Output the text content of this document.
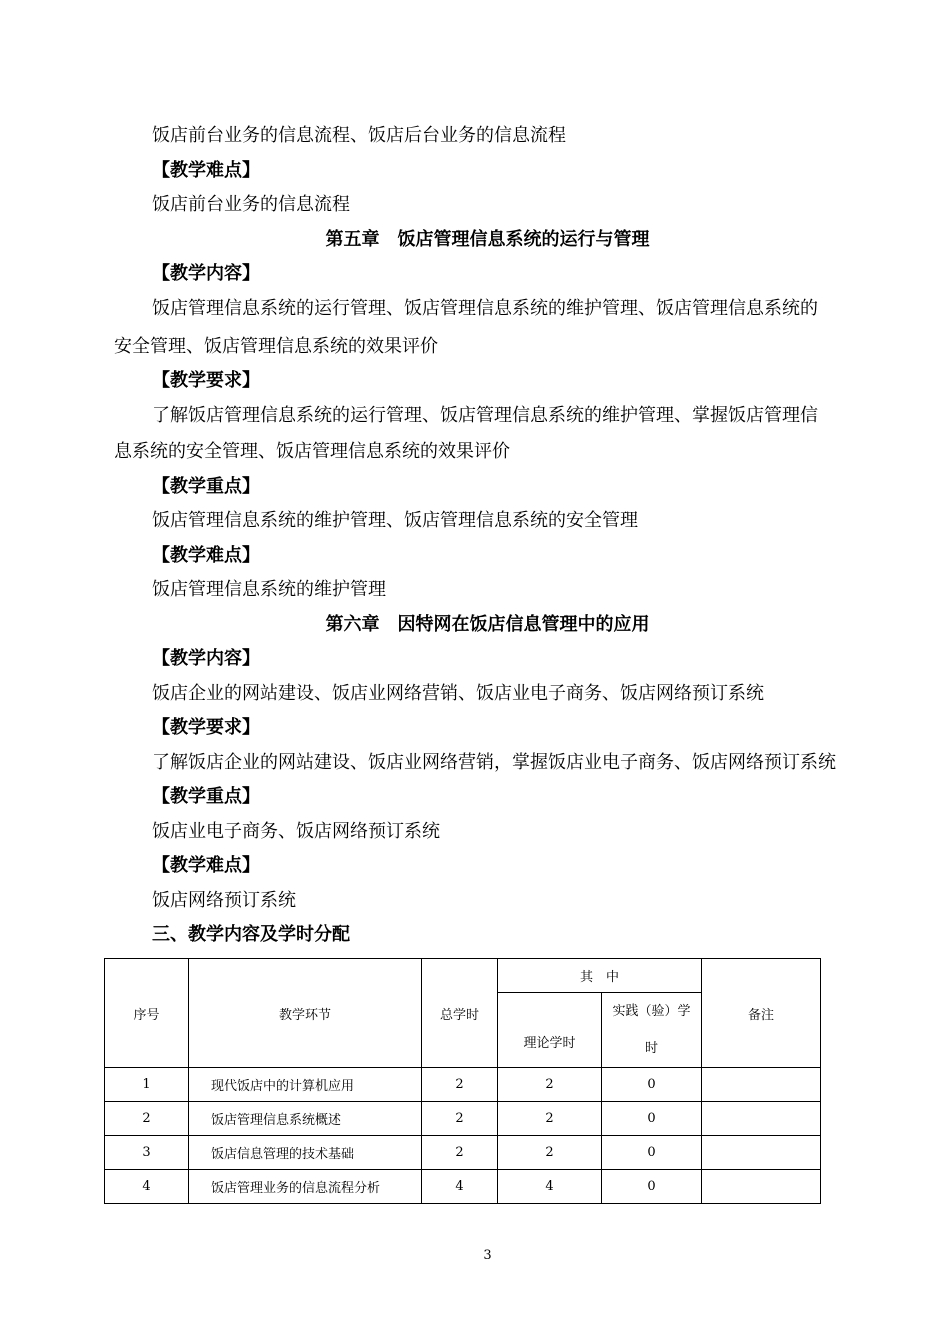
饭店前台业务的信息流程、饭店后台业务的信息流程
【教学难点】
饭店前台业务的信息流程
第五章　饭店管理信息系统的运行与管理
【教学内容】
饭店管理信息系统的运行管理、饭店管理信息系统的维护管理、饭店管理信息系统的
安全管理、饭店管理信息系统的效果评价
【教学要求】
了解饭店管理信息系统的运行管理、饭店管理信息系统的维护管理、掌握饭店管理信
息系统的安全管理、饭店管理信息系统的效果评价
【教学重点】
饭店管理信息系统的维护管理、饭店管理信息系统的安全管理
【教学难点】
饭店管理信息系统的维护管理
第六章　因特网在饭店信息管理中的应用
【教学内容】
饭店企业的网站建设、饭店业网络营销、饭店业电子商务、饭店网络预订系统
【教学要求】
了解饭店企业的网站建设、饭店业网络营销，掌握饭店业电子商务、饭店网络预订系统
【教学重点】
饭店业电子商务、饭店网络预订系统
【教学难点】
饭店网络预订系统
三、教学内容及学时分配
序号	教学环节	总学时	其　中		备注
			理论学时	实践（验）学时	
1	现代饭店中的计算机应用	2	2	0	
2	饭店管理信息系统概述	2	2	0	
3	饭店信息管理的技术基础	2	2	0	
4	饭店管理业务的信息流程分析	4	4	0	
3
